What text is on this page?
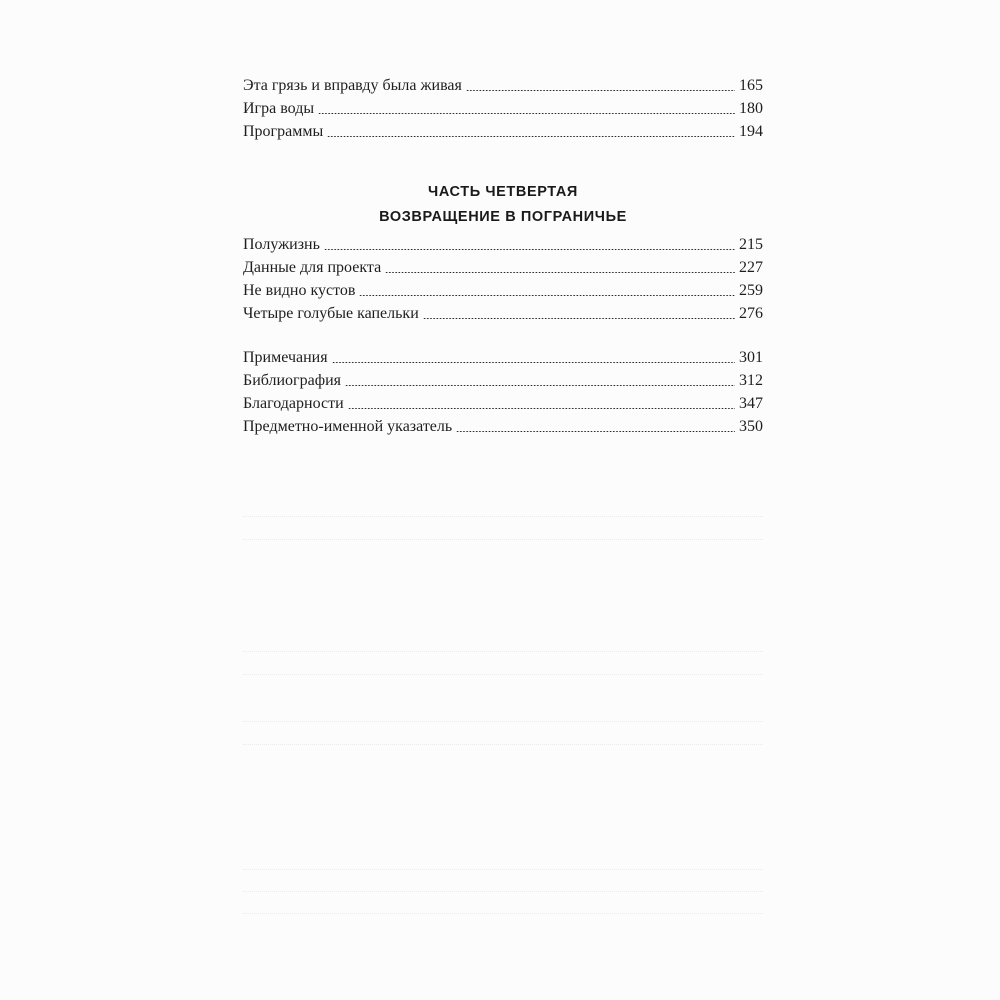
Эта грязь и вправду была живая	165
Игра воды	180
Программы	194
ЧАСТЬ ЧЕТВЕРТАЯ
ВОЗВРАЩЕНИЕ В ПОГРАНИЧЬЕ
Полужизнь	215
Данные для проекта	227
Не видно кустов	259
Четыре голубые капельки	276
Примечания	301
Библиография	312
Благодарности	347
Предметно-именной указатель	350
